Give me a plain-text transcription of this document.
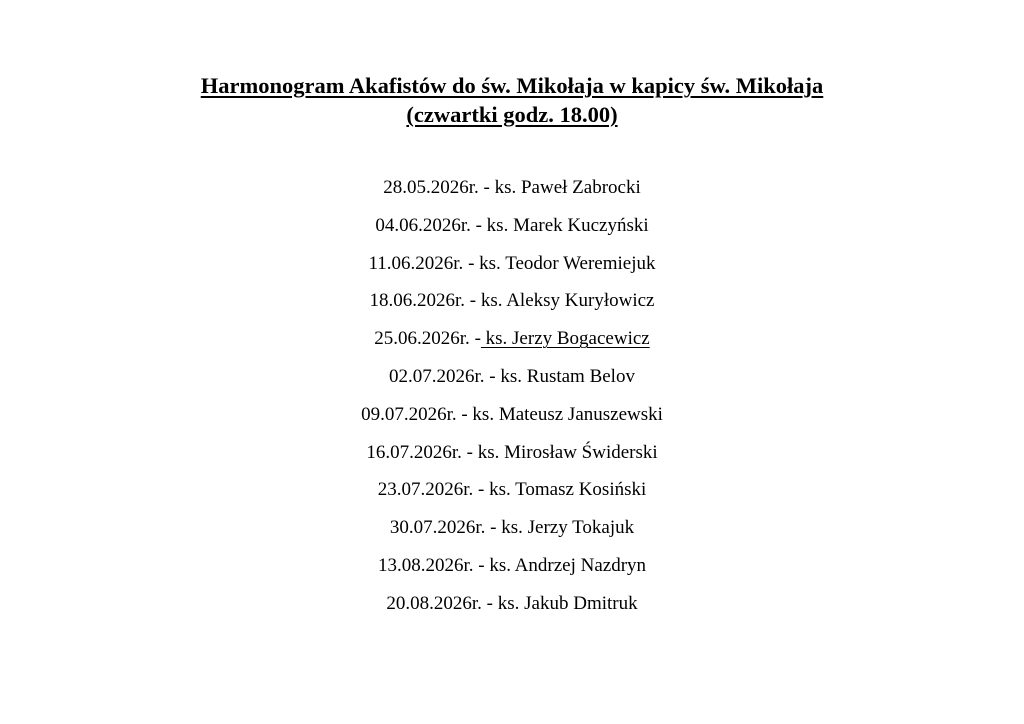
Harmonogram Akafistów do św. Mikołaja w kapicy św. Mikołaja
(czwartki godz. 18.00)
28.05.2026r. - ks. Paweł Zabrocki
04.06.2026r. - ks. Marek Kuczyński
11.06.2026r. - ks. Teodor Weremiejuk
18.06.2026r. - ks. Aleksy Kuryłowicz
25.06.2026r. - ks. Jerzy Bogacewicz
02.07.2026r. - ks. Rustam Belov
09.07.2026r. - ks. Mateusz Januszewski
16.07.2026r. - ks. Mirosław Świderski
23.07.2026r. - ks. Tomasz Kosiński
30.07.2026r. - ks. Jerzy Tokajuk
13.08.2026r. - ks. Andrzej Nazdryn
20.08.2026r. - ks. Jakub Dmitruk
